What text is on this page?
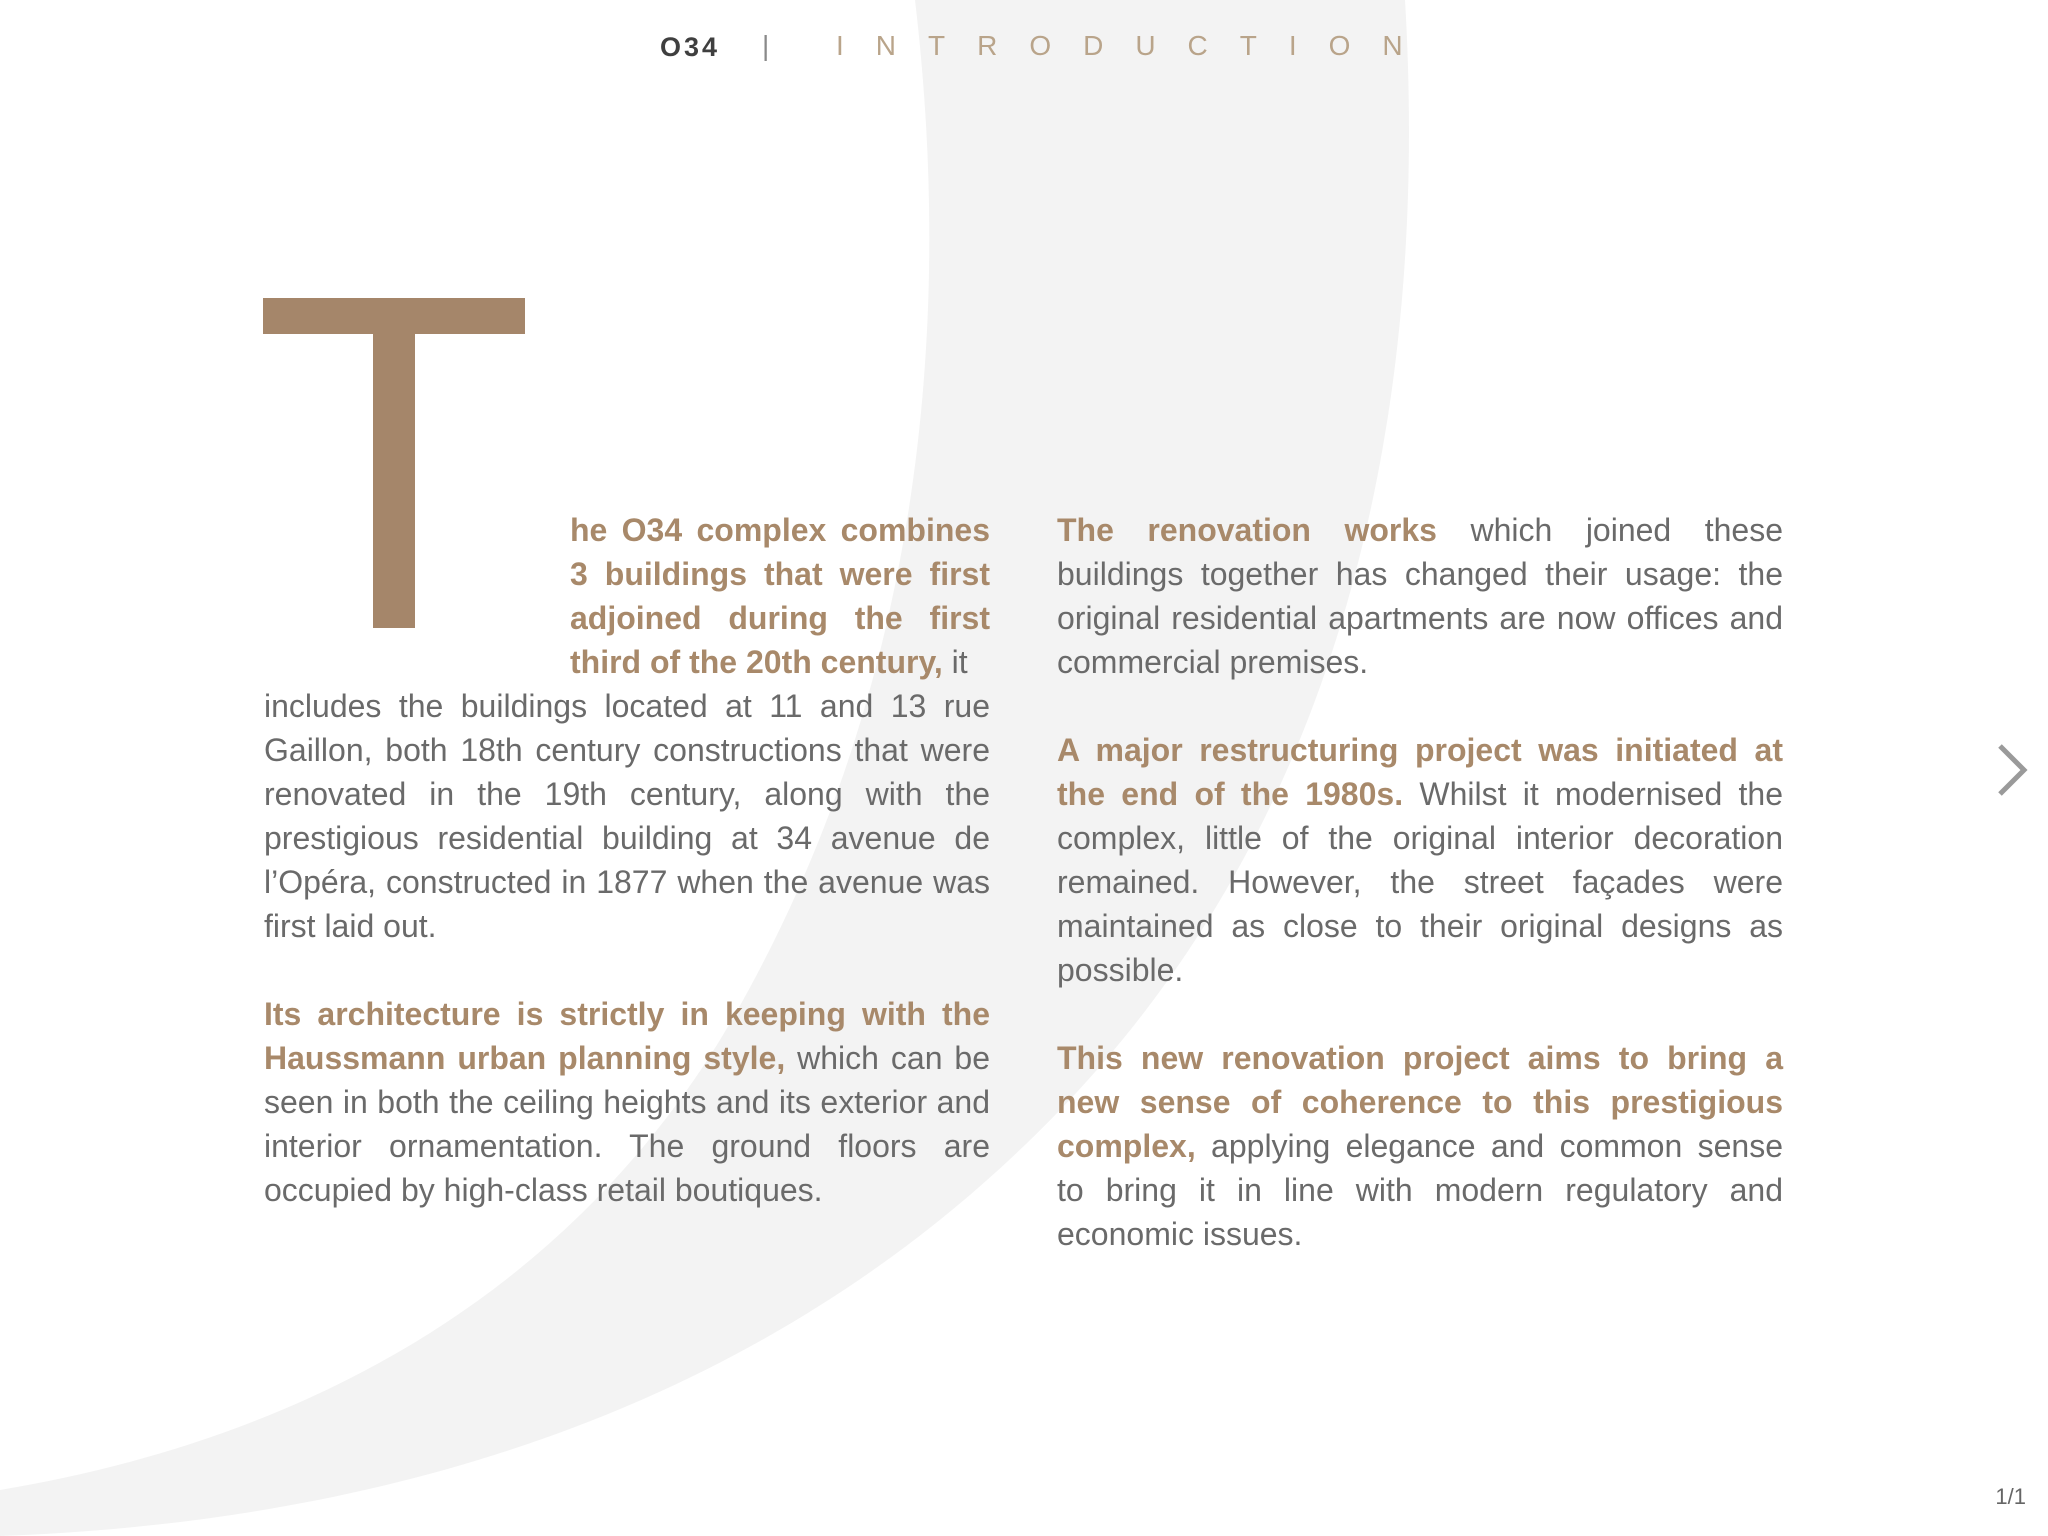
O34 | INTRODUCTION
he O34 complex combines 3 buildings that were first adjoined during the first third of the 20th century, it

includes the buildings located at 11 and 13 rue Gaillon, both 18th century constructions that were renovated in the 19th century, along with the prestigious residential building at 34 avenue de l’Opéra, constructed in 1877 when the avenue was first laid out.

Its architecture is strictly in keeping with the Haussmann urban planning style, which can be seen in both the ceiling heights and its exterior and interior ornamentation. The ground floors are occupied by high-class retail boutiques.

The renovation works which joined these buildings together has changed their usage: the original residential apartments are now offices and commercial premises.

A major restructuring project was initiated at the end of the 1980s. Whilst it modernised the complex, little of the original interior decoration remained. However, the street façades were maintained as close to their original designs as possible.

This new renovation project aims to bring a new sense of coherence to this prestigious complex, applying elegance and common sense to bring it in line with modern regulatory and economic issues.

1/1
